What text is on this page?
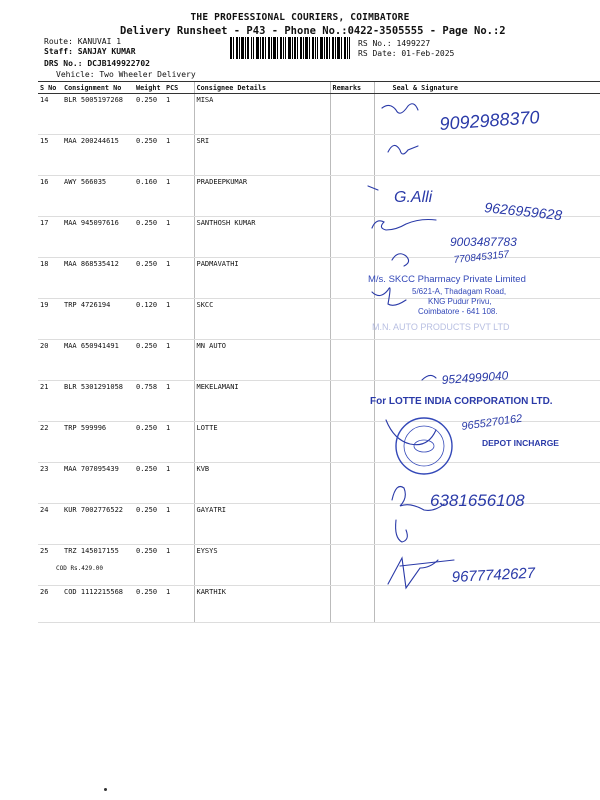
THE PROFESSIONAL COURIERS, COIMBATORE
Delivery Runsheet - P43 - Phone No.:0422-3505555 - Page No.:2
Route: KANUVAI 1
Staff: SANJAY KUMAR
DRS No.: DCJB149922702
Vehicle: Two Wheeler Delivery
RS No.: 1499227
RS Date: 01-Feb-2025
S No	Consignment No	Weight	PCS	Consignee Details	Remarks	Seal & Signature
14	BLR 5005197268	0.250	1	MISA		
15	MAA 200244615	0.250	1	SRI		
16	AWY 566035	0.160	1	PRADEEPKUMAR		
17	MAA 945097616	0.250	1	SANTHOSH KUMAR		
18	MAA 868535412	0.250	1	PADMAVATHI		
19	TRP 4726194	0.120	1	SKCC		
20	MAA 650941491	0.250	1	MN AUTO		
21	BLR 5301291058	0.758	1	MEKELAMANI		
22	TRP 599996	0.250	1	LOTTE		
23	MAA 707095439	0.250	1	KVB		
24	KUR 7002776522	0.250	1	GAYATRI		
25	TRZ 145017155	0.250	1	EYSYS		
26	COD 1112215568	0.250	1	KARTHIK		
COD Rs.429.00
9092988370
G.Alli
9626959628
9003487783
7708453157
9524999040
9655270162
6381656108
9677742627
M/s. SKCC Pharmacy Private Limited
5/621-A, Thadagam Road,
KNG Pudur Privu,
Coimbatore - 641 108.
M.N. AUTO PRODUCTS PVT LTD
For LOTTE INDIA CORPORATION LTD.
DEPOT INCHARGE
